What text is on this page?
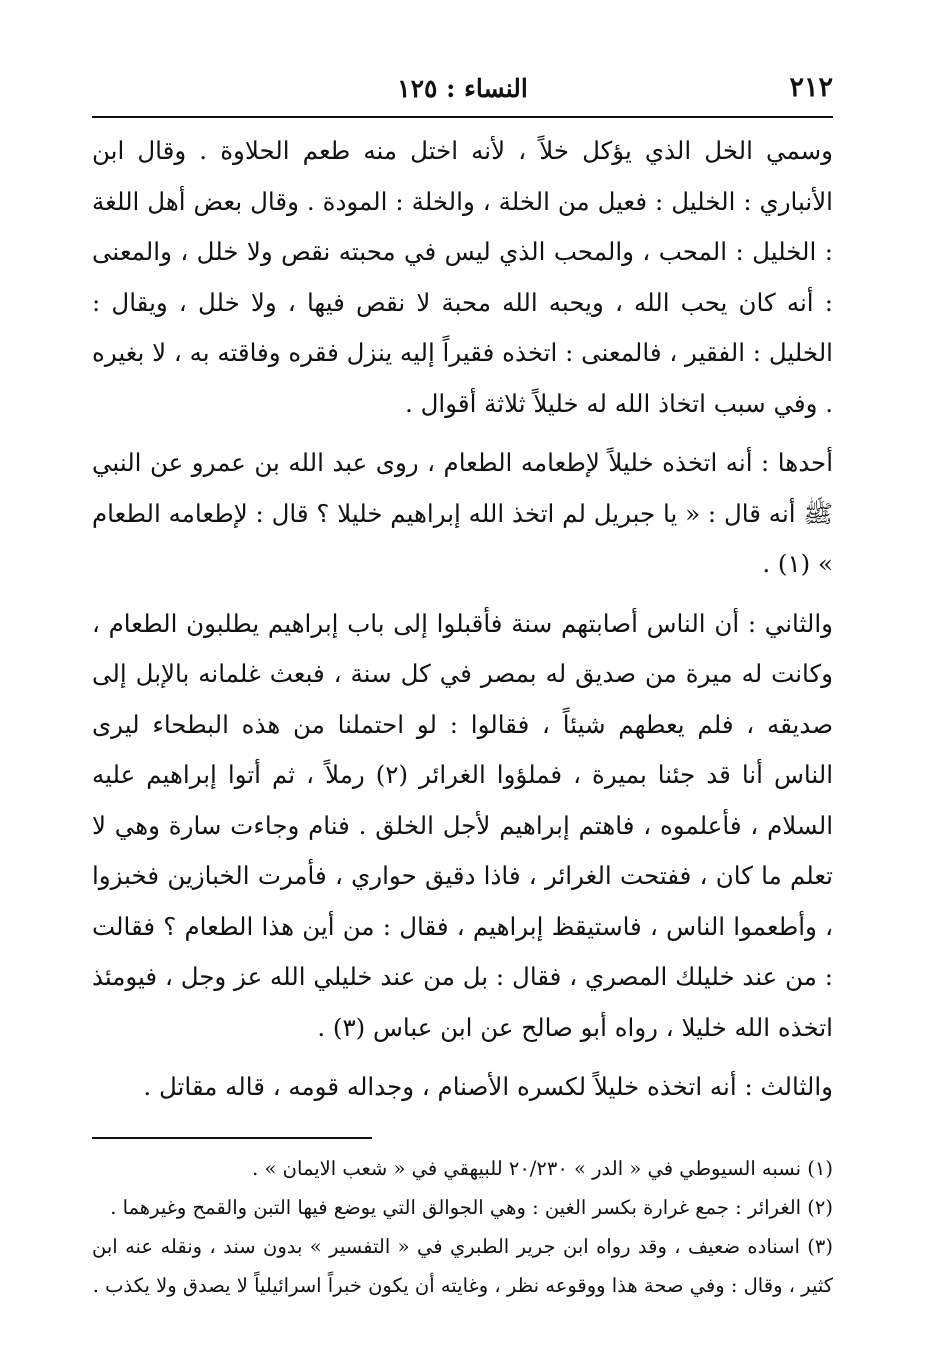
٢١٢
النساء : ١٢٥

وسمي الخل الذي يؤكل خلاً ، لأنه اختل منه طعم الحلاوة . وقال ابن الأنباري : الخليل : فعيل من الخلة ، والخلة : المودة . وقال بعض أهل اللغة : الخليل : المحب ، والمحب الذي ليس في محبته نقص ولا خلل ، والمعنى : أنه كان يحب الله ، ويحبه الله محبة لا نقص فيها ، ولا خلل ، ويقال : الخليل : الفقير ، فالمعنى : اتخذه فقيراً إليه ينزل فقره وفاقته به ، لا بغيره . وفي سبب اتخاذ الله له خليلاً ثلاثة أقوال .

أحدها : أنه اتخذه خليلاً لإطعامه الطعام ، روى عبد الله بن عمرو عن النبي ﷺ أنه قال : « يا جبريل لم اتخذ الله إبراهيم خليلا ؟ قال : لإطعامه الطعام » (١) .

والثاني : أن الناس أصابتهم سنة فأقبلوا إلى باب إبراهيم يطلبون الطعام ، وكانت له ميرة من صديق له بمصر في كل سنة ، فبعث غلمانه بالإبل إلى صديقه ، فلم يعطهم شيئاً ، فقالوا : لو احتملنا من هذه البطحاء ليرى الناس أنا قد جئنا بميرة ، فملؤوا الغرائر (٢) رملاً ، ثم أتوا إبراهيم عليه السلام ، فأعلموه ، فاهتم إبراهيم لأجل الخلق . فنام وجاءت سارة وهي لا تعلم ما كان ، ففتحت الغرائر ، فاذا دقيق حواري ، فأمرت الخبازين فخبزوا ، وأطعموا الناس ، فاستيقظ إبراهيم ، فقال : من أين هذا الطعام ؟ فقالت : من عند خليلك المصري ، فقال : بل من عند خليلي الله عز وجل ، فيومئذ اتخذه الله خليلا ، رواه أبو صالح عن ابن عباس (٣) .

والثالث : أنه اتخذه خليلاً لكسره الأصنام ، وجداله قومه ، قاله مقاتل .

(١) نسبه السيوطي في « الدر » ٢٠/٢٣٠ للبيهقي في « شعب الايمان » .

(٢) الغرائر : جمع غرارة بكسر الغين : وهي الجوالق التي يوضع فيها التبن والقمح وغيرهما .

(٣) اسناده ضعيف ، وقد رواه ابن جرير الطبري في « التفسير » بدون سند ، ونقله عنه ابن كثير ، وقال : وفي صحة هذا ووقوعه نظر ، وغايته أن يكون خبراً اسرائيلياً لا يصدق ولا يكذب .
